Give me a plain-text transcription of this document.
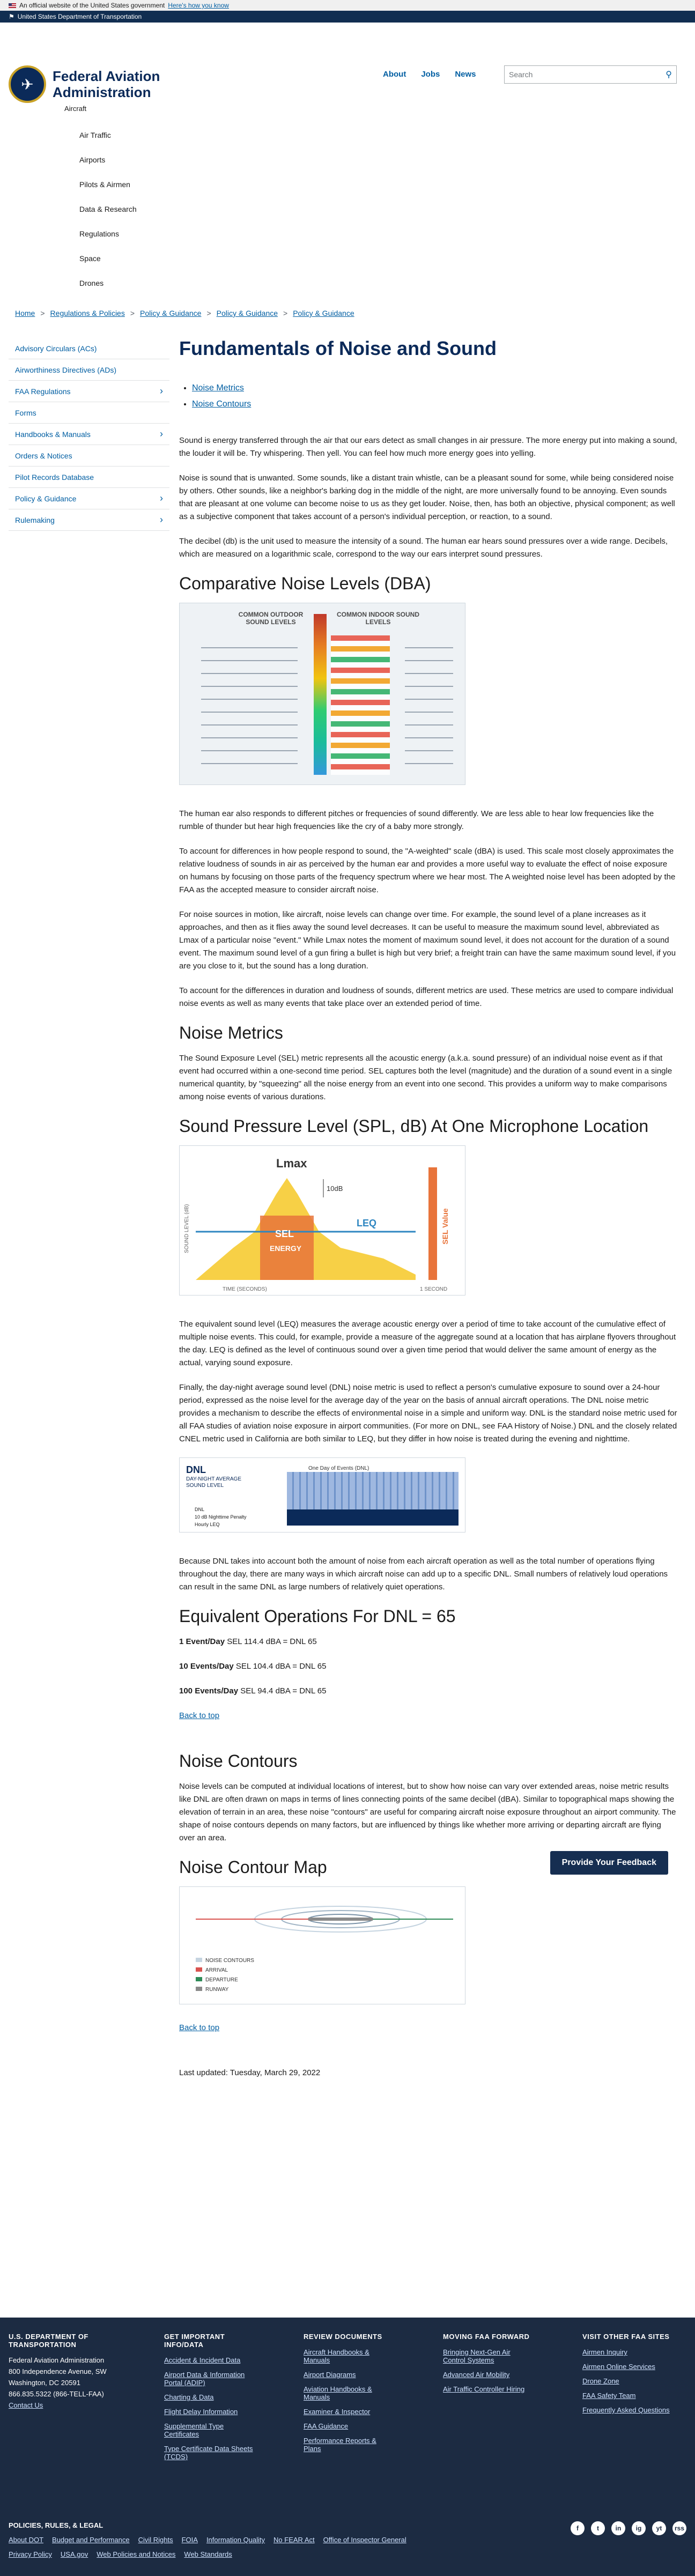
An official website of the United States government Here's how you know
⚑ United States Department of Transportation
✈	Federal Aviation Administration
Aircraft
About Jobs News	Search	⚲
Air Traffic
Airports
Pilots & Airmen
Data & Research
Regulations
Space
Drones
Home > Regulations & Policies > Policy & Guidance > Policy & Guidance > Policy & Guidance
Advisory Circulars (ACs)
Airworthiness Directives (ADs)
FAA Regulations	›
Forms
Handbooks & Manuals	›
Orders & Notices
Pilot Records Database
Policy & Guidance	›
Rulemaking	›
Fundamentals of Noise and Sound
• Noise Metrics
• Noise Contours

Sound is energy transferred through the air that our ears detect as small changes in air pressure. The more energy put into making a sound, the louder it will be. Try whispering. Then yell. You can feel how much more energy goes into yelling.

Noise is sound that is unwanted. Some sounds, like a distant train whistle, can be a pleasant sound for some, while being considered noise by others. Other sounds, like a neighbor's barking dog in the middle of the night, are more universally found to be annoying. Even sounds that are pleasant at one volume can become noise to us as they get louder. Noise, then, has both an objective, physical component; as well as a subjective component that takes account of a person's individual perception, or reaction, to a sound.

The decibel (db) is the unit used to measure the intensity of a sound. The human ear hears sound pressures over a wide range. Decibels, which are measured on a logarithmic scale, correspond to the way our ears interpret sound pressures.

Comparative Noise Levels (DBA)
COMMON OUTDOOR SOUND LEVELS
COMMON INDOOR SOUND LEVELS

The human ear also responds to different pitches or frequencies of sound differently. We are less able to hear low frequencies like the rumble of thunder but hear high frequencies like the cry of a baby more strongly.

To account for differences in how people respond to sound, the "A-weighted" scale (dBA) is used. This scale most closely approximates the relative loudness of sounds in air as perceived by the human ear and provides a more useful way to evaluate the effect of noise exposure on humans by focusing on those parts of the frequency spectrum where we hear most. The A weighted noise level has been adopted by the FAA as the accepted measure to consider aircraft noise.

For noise sources in motion, like aircraft, noise levels can change over time. For example, the sound level of a plane increases as it approaches, and then as it flies away the sound level decreases. It can be useful to measure the maximum sound level, abbreviated as Lmax of a particular noise "event." While Lmax notes the moment of maximum sound level, it does not account for the duration of a sound event. The maximum sound level of a gun firing a bullet is high but very brief; a freight train can have the same maximum sound level, if you are you close to it, but the sound has a long duration.

To account for the differences in duration and loudness of sounds, different metrics are used. These metrics are used to compare individual noise events as well as many events that take place over an extended period of time.

Noise Metrics

The Sound Exposure Level (SEL) metric represents all the acoustic energy (a.k.a. sound pressure) of an individual noise event as if that event had occurred within a one-second time period. SEL captures both the level (magnitude) and the duration of a sound event in a single numerical quantity, by "squeezing" all the noise energy from an event into one second. This provides a uniform way to make comparisons among noise events of various durations.

Sound Pressure Level (SPL, dB) At One Microphone Location
Lmax
10dB
SEL
ENERGY
LEQ	SEL Value
TIME (SECONDS)	1 SECOND
SOUND LEVEL (dB)

The equivalent sound level (LEQ) measures the average acoustic energy over a period of time to take account of the cumulative effect of multiple noise events. This could, for example, provide a measure of the aggregate sound at a location that has airplane flyovers throughout the day. LEQ is defined as the level of continuous sound over a given time period that would deliver the same amount of energy as the actual, varying sound exposure.

Finally, the day-night average sound level (DNL) noise metric is used to reflect a person's cumulative exposure to sound over a 24-hour period, expressed as the noise level for the average day of the year on the basis of annual aircraft operations. The DNL noise metric provides a mechanism to describe the effects of environmental noise in a simple and uniform way. DNL is the standard noise metric used for all FAA studies of aviation noise exposure in airport communities. (For more on DNL, see FAA History of Noise.) DNL and the closely related CNEL metric used in California are both similar to LEQ, but they differ in how noise is treated during the evening and nighttime.

DNL
DAY-NIGHT AVERAGE SOUND LEVEL
DNL
10 dB Nighttime Penalty
Hourly LEQ
One Day of Events (DNL)

Because DNL takes into account both the amount of noise from each aircraft operation as well as the total number of operations flying throughout the day, there are many ways in which aircraft noise can add up to a specific DNL. Small numbers of relatively loud operations can result in the same DNL as large numbers of relatively quiet operations.

Equivalent Operations For DNL = 65

1 Event/Day SEL 114.4 dBA = DNL 65

10 Events/Day SEL 104.4 dBA = DNL 65

100 Events/Day SEL 94.4 dBA = DNL 65

Back to top
Noise Contours

Noise levels can be computed at individual locations of interest, but to show how noise can vary over extended areas, noise metric results like DNL are often drawn on maps in terms of lines connecting points of the same decibel (dBA). Similar to topographical maps showing the elevation of terrain in an area, these noise "contours" are useful for comparing aircraft noise exposure throughout an airport community. The shape of noise contours depends on many factors, but are influenced by things like whether more arriving or departing aircraft are flying over an area.

Noise Contour Map	Provide Your Feedback
NOISE CONTOURS
ARRIVAL
DEPARTURE
RUNWAY
Back to top

Last updated: Tuesday, March 29, 2022

U.S. DEPARTMENT OF TRANSPORTATION
Federal Aviation Administration
800 Independence Avenue, SW
Washington, DC 20591
866.835.5322 (866-TELL-FAA)
Contact Us
GET IMPORTANT INFO/DATA
Accident & Incident Data
Airport Data & Information Portal (ADIP)
Charting & Data
Flight Delay Information
Supplemental Type Certificates
Type Certificate Data Sheets (TCDS)
REVIEW DOCUMENTS
Aircraft Handbooks & Manuals
Airport Diagrams
Aviation Handbooks & Manuals
Examiner & Inspector
FAA Guidance
Performance Reports & Plans
MOVING FAA FORWARD
Bringing Next-Gen Air Control Systems
Advanced Air Mobility
Air Traffic Controller Hiring
VISIT OTHER FAA SITES
Airmen Inquiry
Airmen Online Services
Drone Zone
FAA Safety Team
Frequently Asked Questions
POLICIES, RULES, & LEGAL
About DOT Budget and Performance Civil Rights FOIA Information Quality No FEAR Act Office of Inspector General
Privacy Policy USA.gov Web Policies and Notices Web Standards
f	t	in	ig	yt	rss
